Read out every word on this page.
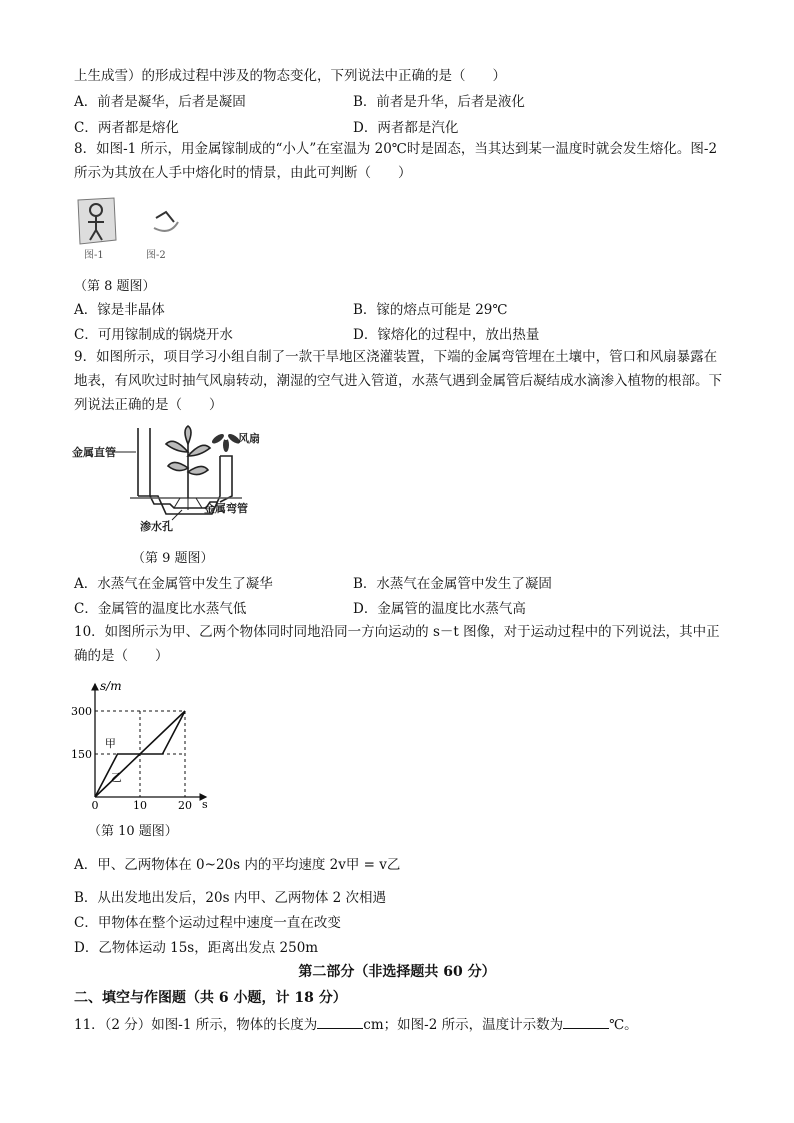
上生成雪）的形成过程中涉及的物态变化，下列说法中正确的是（　　）
A．前者是凝华，后者是凝固	B．前者是升华，后者是液化
C．两者都是熔化	D．两者都是汽化
8．如图-1 所示，用金属镓制成的“小人”在室温为 20℃时是固态，当其达到某一温度时就会发生熔化。图-2 所示为其放在人手中熔化时的情景，由此可判断（　　）
图-1	图-2
（第 8 题图）
A．镓是非晶体	B．镓的熔点可能是 29℃
C．可用镓制成的锅烧开水	D．镓熔化的过程中，放出热量
9．如图所示，项目学习小组自制了一款干旱地区浇灌装置，下端的金属弯管埋在土壤中，管口和风扇暴露在地表，有风吹过时抽气风扇转动，潮湿的空气进入管道，水蒸气遇到金属管后凝结成水滴渗入植物的根部。下列说法正确的是（　　）
金属直管
风扇
金属弯管
渗水孔
（第 9 题图）
A．水蒸气在金属管中发生了凝华	B．水蒸气在金属管中发生了凝固
C．金属管的温度比水蒸气低	D．金属管的温度比水蒸气高
10．如图所示为甲、乙两个物体同时同地沿同一方向运动的 s－t 图像，对于运动过程中的下列说法，其中正确的是（　　）
s/m
s
150
300
0	10	20
甲
乙
（第 10 题图）
A．甲、乙两物体在 0~20s 内的平均速度 2v甲 = v乙
B．从出发地出发后，20s 内甲、乙两物体 2 次相遇
C．甲物体在整个运动过程中速度一直在改变
D．乙物体运动 15s，距离出发点 250m
第二部分（非选择题共 60 分）
二、填空与作图题（共 6 小题，计 18 分）
11．（2 分）如图-1 所示，物体的长度为	cm；如图-2 所示，温度计示数为	℃。
